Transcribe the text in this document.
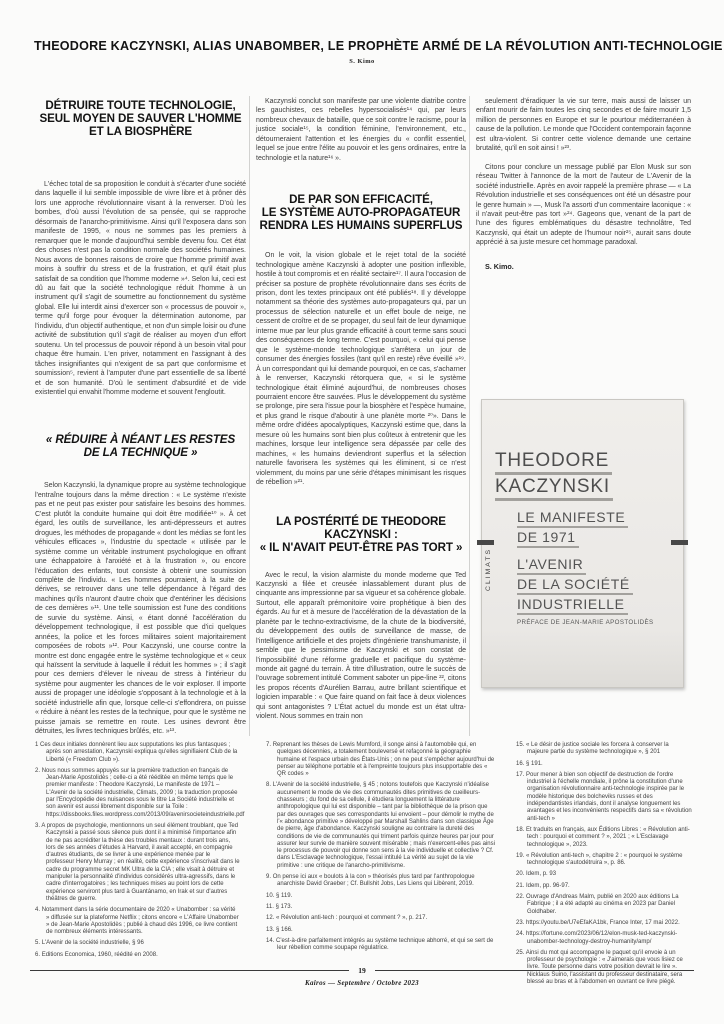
THEODORE KACZYNSKI, ALIAS UNABOMBER, LE PROPHÈTE ARMÉ DE LA RÉVOLUTION ANTI-TECHNOLOGIE
S. Kimo
DÉTRUIRE TOUTE TECHNOLOGIE,
SEUL MOYEN DE SAUVER L'HOMME
ET LA BIOSPHÈRE

L'échec total de sa proposition le conduit à s'écarter d'une société dans laquelle il lui semble impossible de vivre libre et à prôner dès lors une approche révolutionnaire visant à la renverser. D'où les bombes, d'où aussi l'évolution de sa pensée, qui se rapproche désormais de l'anarcho-primitivisme. Ainsi qu'il l'exposera dans son manifeste de 1995, « nous ne sommes pas les premiers à remarquer que le monde d'aujourd'hui semble devenu fou. Cet état des choses n'est pas la condition normale des sociétés humaines. Nous avons de bonnes raisons de croire que l'homme primitif avait moins à souffrir du stress et de la frustration, et qu'il était plus satisfait de sa condition que l'homme moderne »⁴. Selon lui, ceci est dû au fait que la société technologique réduit l'homme à un instrument qu'il s'agit de soumettre au fonctionnement du système global. Elle lui interdit ainsi d'exercer son « processus de pouvoir », terme qu'il forge pour évoquer la détermination autonome, par l'individu, d'un objectif authentique, et non d'un simple loisir ou d'une activité de substitution qu'il s'agit de réaliser au moyen d'un effort soutenu. Un tel processus de pouvoir répond à un besoin vital pour chaque être humain. L'en priver, notamment en l'assignant à des tâches insignifiantes qui n'exigent de sa part que conformisme et soumission⁵, revient à l'amputer d'une part essentielle de sa liberté et de son humanité. D'où le sentiment d'absurdité et de vide existentiel qui envahit l'homme moderne et souvent l'engloutit.

« RÉDUIRE À NÉANT LES RESTES
DE LA TECHNIQUE »

Selon Kaczynski, la dynamique propre au système technologique l'entraîne toujours dans la même direction : « Le système n'existe pas et ne peut pas exister pour satisfaire les besoins des hommes. C'est plutôt la conduite humaine qui doit être modifiée¹⁰ ». À cet égard, les outils de surveillance, les anti-dépresseurs et autres drogues, les méthodes de propagande « dont les médias se font les véhicules efficaces », l'industrie du spectacle « utilisée par le système comme un véritable instrument psychologique en offrant une échappatoire à l'anxiété et à la frustration », ou encore l'éducation des enfants, tout consiste à obtenir une soumission complète de l'individu. « Les hommes pourraient, à la suite de dérives, se retrouver dans une telle dépendance à l'égard des machines qu'ils n'auront d'autre choix que d'entériner les décisions de ces dernières »¹¹. Une telle soumission est l'une des conditions de survie du système. Ainsi, « étant donné l'accélération du développement technologique, il est possible que d'ici quelques années, la police et les forces militaires soient majoritairement composées de robots »¹². Pour Kaczynski, une course contre la montre est donc engagée entre le système technologique et « ceux qui haïssent la servitude à laquelle il réduit les hommes » ; il s'agit pour ces derniers d'élever le niveau de stress à l'intérieur du système pour augmenter les chances de le voir exploser. Il importe aussi de propager une idéologie s'opposant à la technologie et à la société industrielle afin que, lorsque celle-ci s'effondrera, on puisse « réduire à néant les restes de la technique, pour que le système ne puisse jamais se remettre en route. Les usines devront être détruites, les livres techniques brûlés, etc. »¹³.

Kaczynski conclut son manifeste par une violente diatribe contre les gauchistes, ces rebelles hypersocialisés¹⁴ qui, par leurs nombreux chevaux de bataille, que ce soit contre le racisme, pour la justice sociale¹⁵, la condition féminine, l'environnement, etc., détourneraient l'attention et les énergies du « conflit essentiel, lequel se joue entre l'élite au pouvoir et les gens ordinaires, entre la technologie et la nature¹⁶ ».

DE PAR SON EFFICACITÉ,
LE SYSTÈME AUTO-PROPAGATEUR
RENDRA LES HUMAINS SUPERFLUS

On le voit, la vision globale et le rejet total de la société technologique amène Kaczynski à adopter une position inflexible, hostile à tout compromis et en réalité sectaire¹⁷. Il aura l'occasion de préciser sa posture de prophète révolutionnaire dans ses écrits de prison, dont les textes principaux ont été publiés¹⁸. Il y développe notamment sa théorie des systèmes auto-propagateurs qui, par un processus de sélection naturelle et un effet boule de neige, ne cessent de croître et de se propager, du seul fait de leur dynamique interne mue par leur plus grande efficacité à court terme sans souci des conséquences de long terme. C'est pourquoi, « celui qui pense que le système-monde technologique s'arrêtera un jour de consumer des énergies fossiles (tant qu'il en reste) rêve éveillé »¹⁹. À un correspondant qui lui demande pourquoi, en ce cas, s'acharner à le renverser, Kaczynski rétorquera que, « si le système technologique était éliminé aujourd'hui, de nombreuses choses pourraient encore être sauvées. Plus le développement du système se prolonge, pire sera l'issue pour la biosphère et l'espèce humaine, et plus grand le risque d'aboutir à une planète morte ²⁰». Dans le même ordre d'idées apocalyptiques, Kaczynski estime que, dans la mesure où les humains sont bien plus coûteux à entretenir que les machines, lorsque leur intelligence sera dépassée par celle des machines, « les humains deviendront superflus et la sélection naturelle favorisera les systèmes qui les éliminent, si ce n'est violemment, du moins par une série d'étapes minimisant les risques de rébellion »²¹.

LA POSTÉRITÉ DE THEODORE
KACZYNSKI :
« IL N'AVAIT PEUT-ÊTRE PAS TORT »

Avec le recul, la vision alarmiste du monde moderne que Ted Kaczynski a filée et creusée inlassablement durant plus de cinquante ans impressionne par sa vigueur et sa cohérence globale. Surtout, elle apparaît prémonitoire voire prophétique à bien des égards. Au fur et à mesure de l'accélération de la dévastation de la planète par le techno-extractivisme, de la chute de la biodiversité, du développement des outils de surveillance de masse, de l'intelligence artificielle et des projets d'ingénierie transhumaniste, il semble que le pessimisme de Kaczynski et son constat de l'impossibilité d'une réforme graduelle et pacifique du système-monde ait gagné du terrain. À titre d'illustration, outre le succès de l'ouvrage sobrement intitulé Comment saboter un pipe-line ²², citons les propos récents d'Aurélien Barrau, autre brillant scientifique et logicien imparable : « Que faire quand on fait face à deux violences qui sont antagonistes ? L'État actuel du monde est un état ultra-violent. Nous sommes en train non

seulement d'éradiquer la vie sur terre, mais aussi de laisser un enfant mourir de faim toutes les cinq secondes et de faire mourir 1,5 million de personnes en Europe et sur le pourtour méditerranéen à cause de la pollution. Le monde que l'Occident contemporain façonne est ultra-violent. Si contrer cette violence demande une certaine brutalité, qu'il en soit ainsi ! »²³.

Citons pour conclure un message publié par Elon Musk sur son réseau Twitter à l'annonce de la mort de l'auteur de L'Avenir de la société industrielle. Après en avoir rappelé la première phrase — « La Révolution industrielle et ses conséquences ont été un désastre pour le genre humain » —, Musk l'a assorti d'un commentaire laconique : « il n'avait peut-être pas tort »²⁴. Gageons que, venant de la part de l'une des figures emblématiques du désastre technolâtre, Ted Kaczynski, qui était un adepte de l'humour noir²⁵, aurait sans doute apprécié à sa juste mesure cet hommage paradoxal.

S. Kimo.
CLIMATS
THEODORE
KACZYNSKI
LE MANIFESTE
DE 1971
L'AVENIR
DE LA SOCIÉTÉ
INDUSTRIELLE
PRÉFACE DE JEAN-MARIE APOSTOLIDÈS

1 Ces deux initiales donnèrent lieu aux supputations les plus fantasques ; après son arrestation, Kaczynski expliqua qu'elles signifiaient Club de la Liberté (« Freedom Club »).

2. Nous nous sommes appuyés sur la première traduction en français de Jean-Marie Apostolidès ; celle-ci a été rééditée en même temps que le premier manifeste : Theodore Kaczynski, Le manifeste de 1971 – L'Avenir de la société industrielle, Climats, 2009 ; la traduction proposée par l'Encyclopédie des nuisances sous le titre La Société industrielle et son avenir est aussi librement disponible sur la Toile : https://dissbooks.files.wordpress.com/2013/09/avenirsocieteindustrielle.pdf

3. A propos de psychologie, mentionnons un seul élément troublant, que Ted Kaczynski a passé sous silence puis dont il a minimisé l'importance afin de ne pas accréditer la thèse des troubles mentaux : durant trois ans, lors de ses années d'études à Harvard, il avait accepté, en compagnie d'autres étudiants, de se livrer à une expérience menée par le professeur Henry Murray ; en réalité, cette expérience s'inscrivait dans le cadre du programme secret MK Ultra de la CIA ; elle visait à détruire et manipuler la personnalité d'individus considérés ultra-agressifs, dans le cadre d'interrogatoires ; les techniques mises au point lors de cette expérience serviront plus tard à Guantánamo, en Irak et sur d'autres théâtres de guerre.

4. Notamment dans la série documentaire de 2020 « Unabomber : sa vérité » diffusée sur la plateforme Netflix ; citons encore « L'Affaire Unabomber » de Jean-Marie Apostolidès ; publié à chaud dès 1996, ce livre contient de nombreux éléments intéressants.

5. L'Avenir de la société industrielle, § 96

6. Editions Economica, 1960, réédité en 2008.

7. Reprenant les thèses de Lewis Mumford, il songe ainsi à l'automobile qui, en quelques décennies, a totalement bouleversé et refaçonné la géographie humaine et l'espace urbain des États-Unis ; on ne peut s'empêcher aujourd'hui de penser au téléphone portable et à l'empreinte toujours plus insupportable des « QR codes »

8. L'Avenir de la société industrielle, § 45 ; notons toutefois que Kaczynski n'idéalise aucunement le mode de vie des communautés dites primitives de cueilleurs-chasseurs ; du fond de sa cellule, il étudiera longuement la littérature anthropologique qui lui est disponible – tant par la bibliothèque de la prison que par des ouvrages que ses correspondants lui envoient – pour démolir le mythe de l'« abondance primitive » développé par Marshall Sahlins dans son classique Âge de pierre, âge d'abondance. Kaczynski souligne au contraire la dureté des conditions de vie de communautés qui triment parfois quinze heures par jour pour assurer leur survie de manière souvent misérable ; mais n'exercent-elles pas ainsi le processus de pouvoir qui donne son sens à la vie individuelle et collective ? Cf. dans L'Esclavage technologique, l'essai intitulé La vérité au sujet de la vie primitive : une critique de l'anarcho-primitivisme.

9. On pense ici aux « boulots à la con » théorisés plus tard par l'anthropologue anarchiste David Graeber ; Cf. Bullshit Jobs, Les Liens qui Libèrent, 2019.

10. § 119.

11. § 173.

12. « Révolution anti-tech : pourquoi et comment ? », p. 217.

13. § 166.

14. C'est-à-dire parfaitement intégrés au système technique abhorré, et qui se sert de leur rébellion comme soupape régulatrice.

15. « Le désir de justice sociale les forcera à conserver la majeure partie du système technologique », § 201

16. § 191.

17. Pour mener à bien son objectif de destruction de l'ordre industriel à l'échelle mondiale, il prône la constitution d'une organisation révolutionnaire anti-technologie inspirée par le modèle historique des bolcheviks russes et des indépendantistes irlandais, dont il analyse longuement les avantages et les inconvénients respectifs dans sa « révolution anti-tech »

18. Et traduits en français, aux Éditions Libres : « Révolution anti-tech : pourquoi et comment ? », 2021 ; « L'Esclavage technologique », 2023.

19. « Révolution anti-tech », chapitre 2 : « pourquoi le système technologique s'autodétruira », p. 86.

20. Idem, p. 93

21. Idem, pp. 96-97.

22. Ouvrage d'Andreas Malm, publié en 2020 aux éditions La Fabrique ; il a été adapté au cinéma en 2023 par Daniel Goldhaber.

23. https://youtu.be/U7eEfaKA1bk, France Inter, 17 mai 2022.

24. https://fortune.com/2023/06/12/elon-musk-ted-kaczynski-unabomber-technology-destroy-humanity/amp/

25. Ainsi du mot qui accompagne le paquet qu'il envoie à un professeur de psychologie : « J'aimerais que vous lisiez ce livre. Toute personne dans votre position devrait le lire ». Nicklaus Suino, l'assistant du professeur destinataire, sera blessé au bras et à l'abdomen en ouvrant ce livre piégé.

19
Kairos — Septembre / Octobre 2023
